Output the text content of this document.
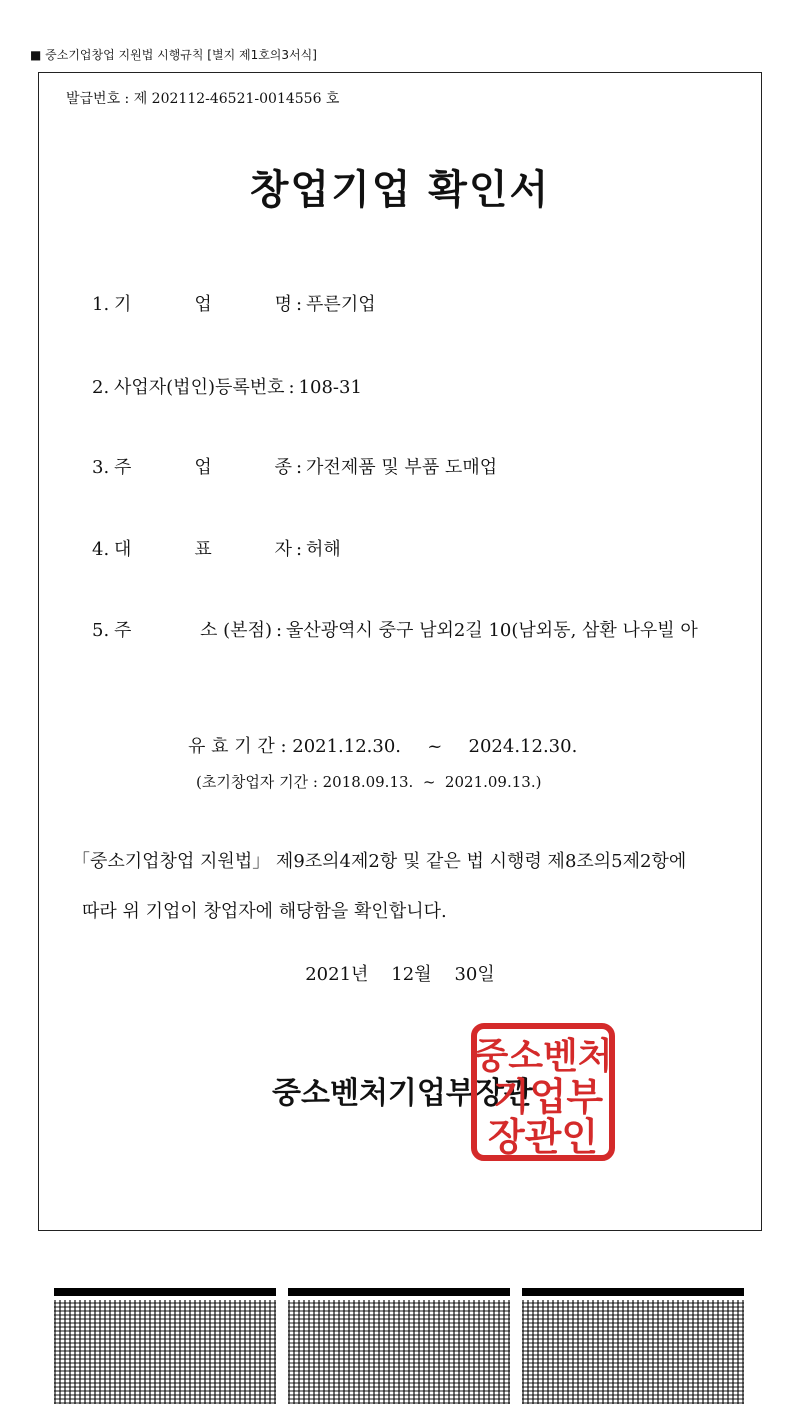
■ 중소기업창업 지원법 시행규칙 [별지 제1호의3서식]
발급번호 : 제 202112-46521-0014556 호
창업기업 확인서
1. 기           업           명 : 푸른기업
2. 사업자(법인)등록번호 : 108-31
3. 주           업           종 : 가전제품 및 부품 도매업
4. 대           표           자 : 허해
5. 주            소 (본점) : 울산광역시 중구 남외2길 10(남외동, 삼환 나우빌 아
유 효 기 간 : 2021.12.30. ~ 2024.12.30.
(초기창업자 기간 : 2018.09.13.  ~  2021.09.13.)
「중소기업창업 지원법」 제9조의4제2항 및 같은 법 시행령 제8조의5제2항에
따라 위 기업이 창업자에 해당함을 확인합니다.
2021년    12월    30일
중소벤처기업부장관
중소벤처
기업부
장관인
